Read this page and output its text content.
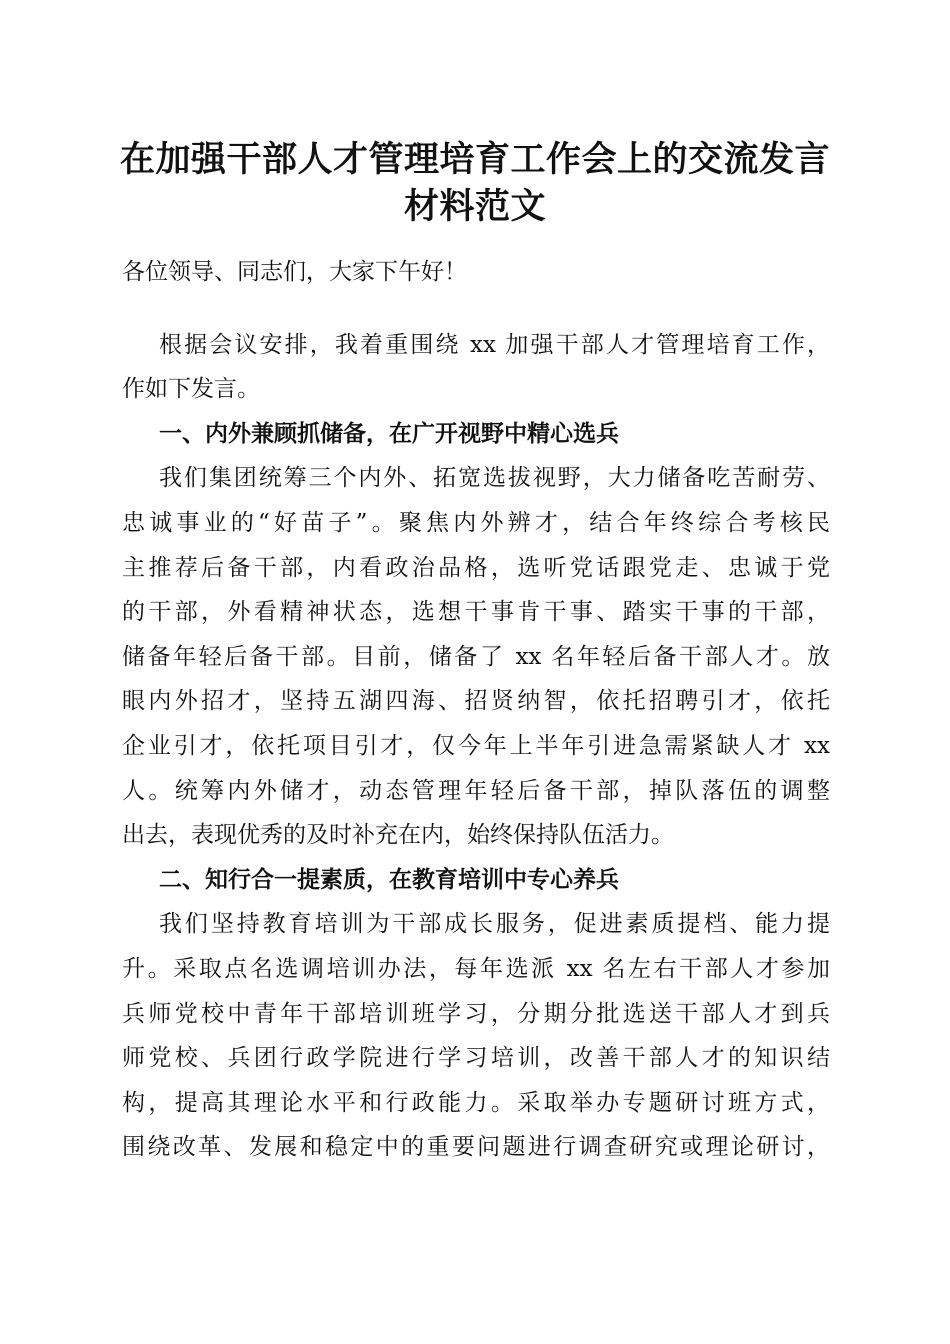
在加强干部人才管理培育工作会上的交流发言
材料范文
各位领导、同志们，大家下午好！
根据会议安排，我着重围绕 xx 加强干部人才管理培育工作，
作如下发言。
一、内外兼顾抓储备，在广开视野中精心选兵
我们集团统筹三个内外、拓宽选拔视野，大力储备吃苦耐劳、
忠诚事业的“好苗子”。聚焦内外辨才，结合年终综合考核民
主推荐后备干部，内看政治品格，选听党话跟党走、忠诚于党
的干部，外看精神状态，选想干事肯干事、踏实干事的干部，
储备年轻后备干部。目前，储备了 xx 名年轻后备干部人才。放
眼内外招才，坚持五湖四海、招贤纳智，依托招聘引才，依托
企业引才，依托项目引才，仅今年上半年引进急需紧缺人才 xx
人。统筹内外储才，动态管理年轻后备干部，掉队落伍的调整
出去，表现优秀的及时补充在内，始终保持队伍活力。
二、知行合一提素质，在教育培训中专心养兵
我们坚持教育培训为干部成长服务，促进素质提档、能力提
升。采取点名选调培训办法，每年选派 xx 名左右干部人才参加
兵师党校中青年干部培训班学习，分期分批选送干部人才到兵
师党校、兵团行政学院进行学习培训，改善干部人才的知识结
构，提高其理论水平和行政能力。采取举办专题研讨班方式，
围绕改革、发展和稳定中的重要问题进行调查研究或理论研讨，
